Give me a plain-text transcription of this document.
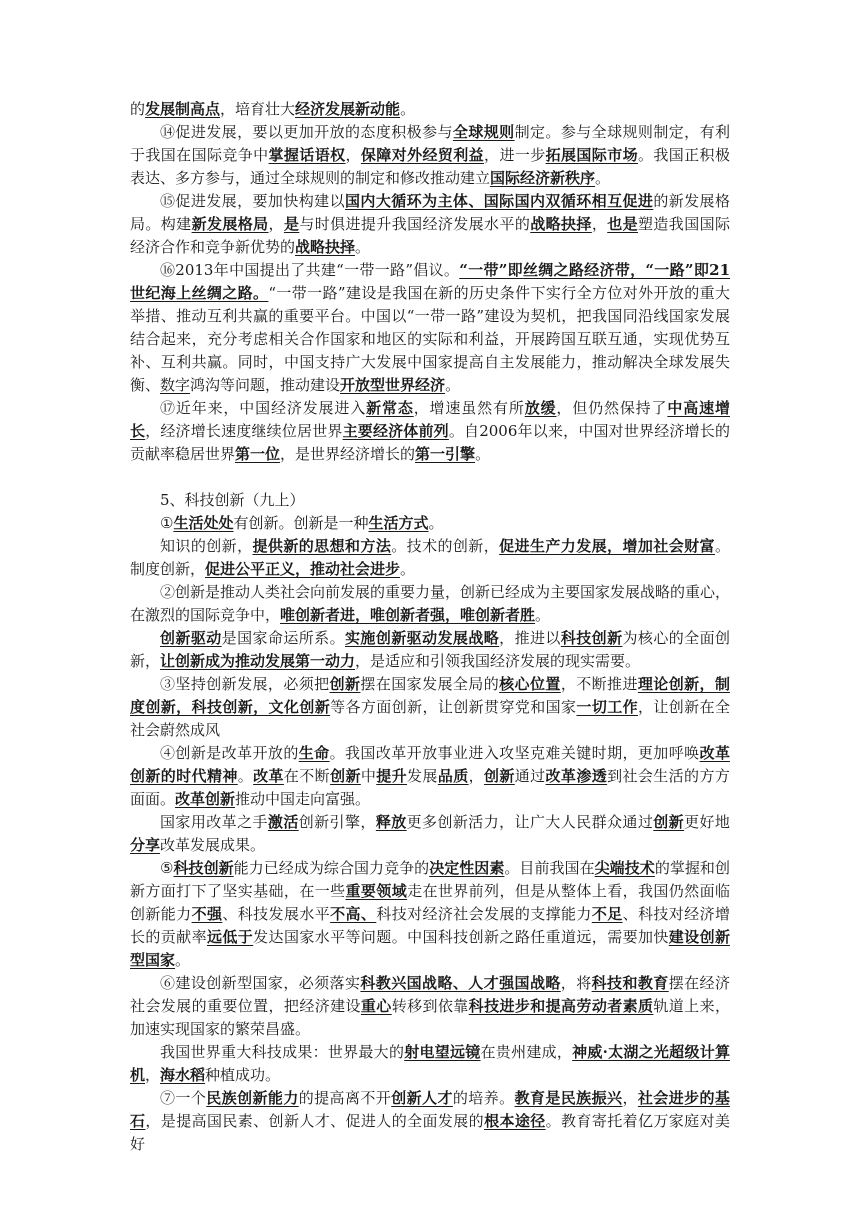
的发展制高点，培育壮大经济发展新动能。

⑭促进发展，要以更加开放的态度积极参与全球规则制定。参与全球规则制定，有利于我国在国际竞争中掌握话语权，保障对外经贸利益，进一步拓展国际市场。我国正积极表达、多方参与，通过全球规则的制定和修改推动建立国际经济新秩序。

⑮促进发展，要加快构建以国内大循环为主体、国际国内双循环相互促进的新发展格局。构建新发展格局，是与时俱进提升我国经济发展水平的战略抉择，也是塑造我国国际经济合作和竞争新优势的战略抉择。

⑯2013年中国提出了共建“一带一路”倡议。“一带”即丝绸之路经济带，“一路”即21世纪海上丝绸之路。“一带一路”建设是我国在新的历史条件下实行全方位对外开放的重大举措、推动互利共赢的重要平台。中国以“一带一路”建设为契机，把我国同沿线国家发展结合起来，充分考虑相关合作国家和地区的实际和利益，开展跨国互联互通，实现优势互补、互利共赢。同时，中国支持广大发展中国家提高自主发展能力，推动解决全球发展失衡、数字鸿沟等问题，推动建设开放型世界经济。

⑰近年来，中国经济发展进入新常态，增速虽然有所放缓，但仍然保持了中高速增长，经济增长速度继续位居世界主要经济体前列。自2006年以来，中国对世界经济增长的贡献率稳居世界第一位，是世界经济增长的第一引擎。

5、科技创新（九上）

①生活处处有创新。创新是一种生活方式。

知识的创新，提供新的思想和方法。技术的创新，促进生产力发展，增加社会财富。制度创新，促进公平正义，推动社会进步。

②创新是推动人类社会向前发展的重要力量，创新已经成为主要国家发展战略的重心，在激烈的国际竞争中，唯创新者进，唯创新者强，唯创新者胜。

创新驱动是国家命运所系。实施创新驱动发展战略，推进以科技创新为核心的全面创新，让创新成为推动发展第一动力，是适应和引领我国经济发展的现实需要。

③坚持创新发展，必须把创新摆在国家发展全局的核心位置，不断推进理论创新，制度创新，科技创新，文化创新等各方面创新，让创新贯穿党和国家一切工作，让创新在全社会蔚然成风

④创新是改革开放的生命。我国改革开放事业进入攻坚克难关键时期，更加呼唤改革创新的时代精神。改革在不断创新中提升发展品质，创新通过改革渗透到社会生活的方方面面。改革创新推动中国走向富强。

国家用改革之手激活创新引擎，释放更多创新活力，让广大人民群众通过创新更好地分享改革发展成果。

⑤科技创新能力已经成为综合国力竞争的决定性因素。目前我国在尖端技术的掌握和创新方面打下了坚实基础，在一些重要领域走在世界前列，但是从整体上看，我国仍然面临创新能力不强、科技发展水平不高、科技对经济社会发展的支撑能力不足、科技对经济增长的贡献率远低于发达国家水平等问题。中国科技创新之路任重道远，需要加快建设创新型国家。

⑥建设创新型国家，必须落实科教兴国战略、人才强国战略，将科技和教育摆在经济社会发展的重要位置，把经济建设重心转移到依靠科技进步和提高劳动者素质轨道上来，加速实现国家的繁荣昌盛。

我国世界重大科技成果：世界最大的射电望远镜在贵州建成，神威·太湖之光超级计算机，海水稻种植成功。

⑦一个民族创新能力的提高离不开创新人才的培养。教育是民族振兴，社会进步的基石，是提高国民素、创新人才、促进人的全面发展的根本途径。教育寄托着亿万家庭对美好
